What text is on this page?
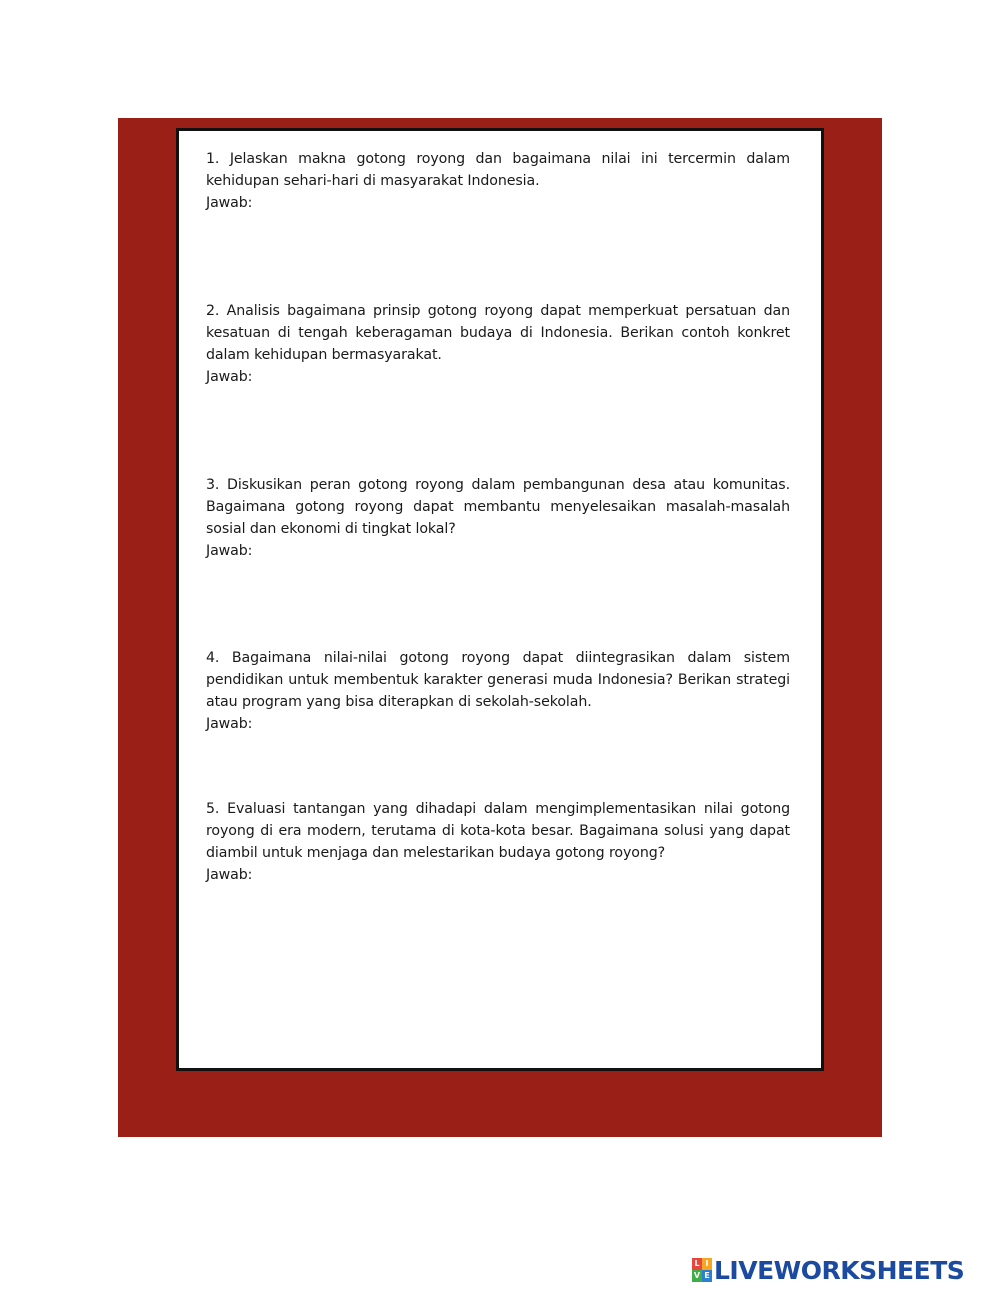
1. Jelaskan makna gotong royong dan bagaimana nilai ini tercermin dalam kehidupan sehari-hari di masyarakat Indonesia.

Jawab:

2. Analisis bagaimana prinsip gotong royong dapat memperkuat persatuan dan kesatuan di tengah keberagaman budaya di Indonesia. Berikan contoh konkret dalam kehidupan bermasyarakat.

Jawab:

3. Diskusikan peran gotong royong dalam pembangunan desa atau komunitas. Bagaimana gotong royong dapat membantu menyelesaikan masalah-masalah sosial dan ekonomi di tingkat lokal?

Jawab:

4. Bagaimana nilai-nilai gotong royong dapat diintegrasikan dalam sistem pendidikan untuk membentuk karakter generasi muda Indonesia? Berikan strategi atau program yang bisa diterapkan di sekolah-sekolah.

Jawab:

5. Evaluasi tantangan yang dihadapi dalam mengimplementasikan nilai gotong royong di era modern, terutama di kota-kota besar. Bagaimana solusi yang dapat diambil untuk menjaga dan melestarikan budaya gotong royong?

Jawab:

L I
V E LIVEWORKSHEETS
